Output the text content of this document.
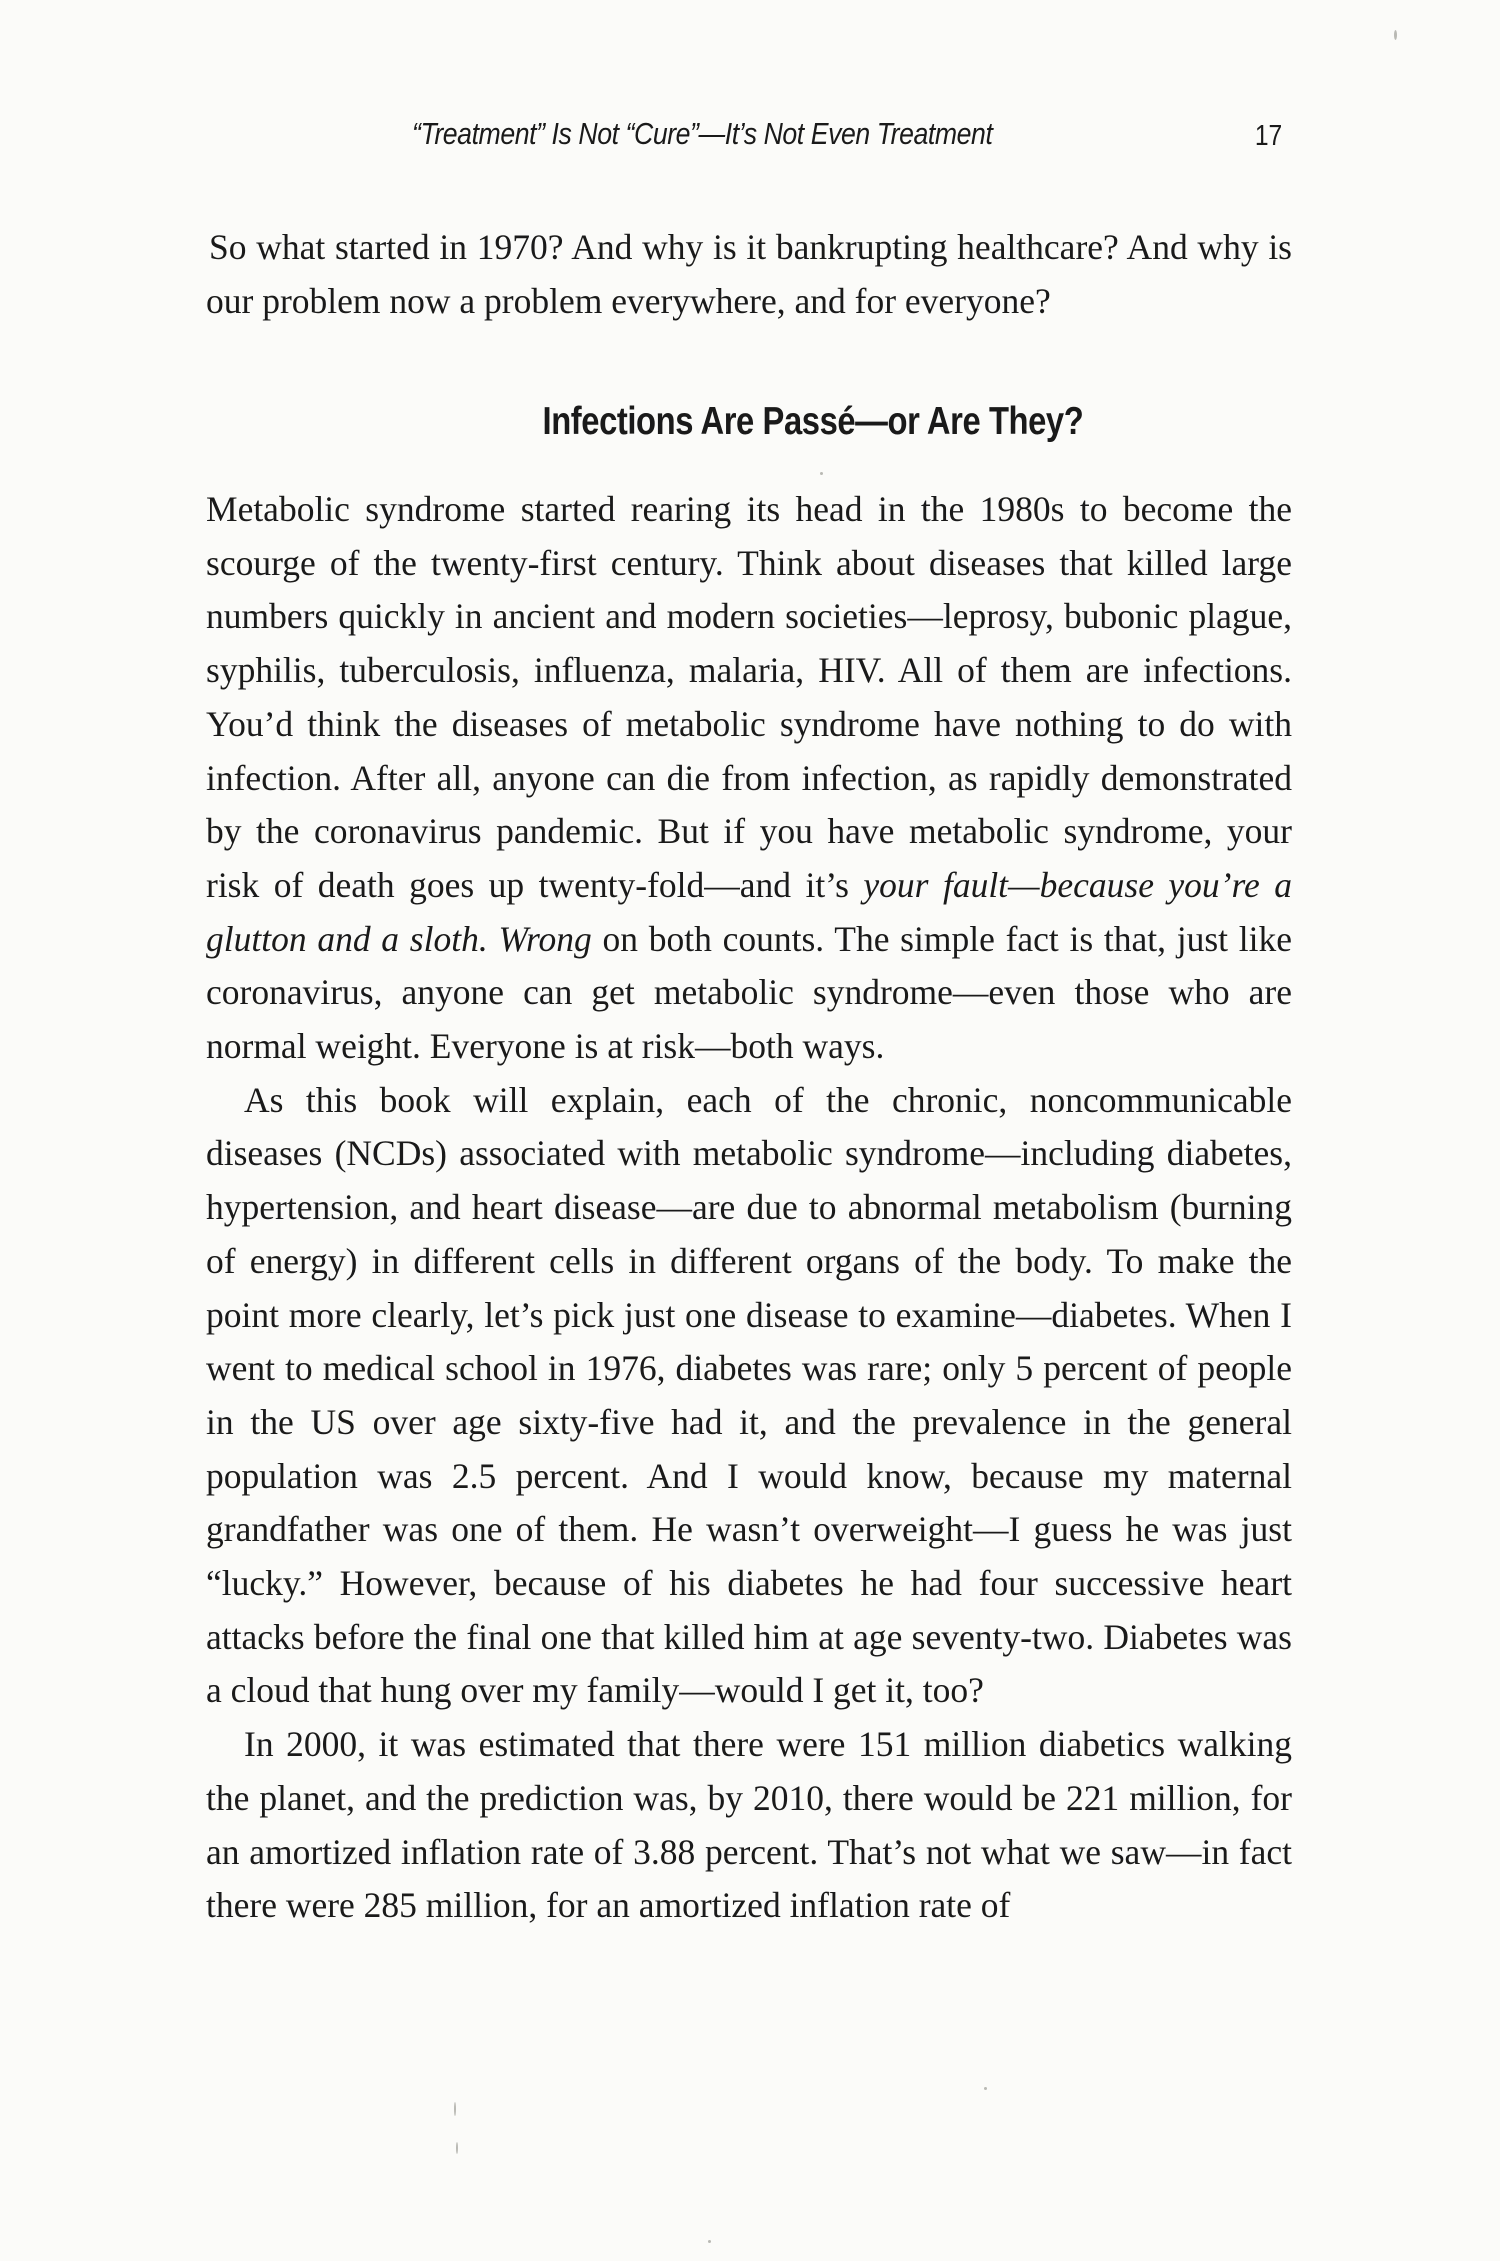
“Treatment” Is Not “Cure”—It’s Not Even Treatment	17

So what started in 1970? And why is it bankrupting healthcare? And why is our problem now a problem everywhere, and for everyone?

Infections Are Passé—or Are They?

Metabolic syndrome started rearing its head in the 1980s to become the scourge of the twenty-first century. Think about diseases that killed large numbers quickly in ancient and modern societies—leprosy, bubonic plague, syphilis, tuberculosis, influenza, malaria, HIV. All of them are infections. You’d think the diseases of metabolic syndrome have nothing to do with infection. After all, anyone can die from infection, as rapidly demonstrated by the coronavirus pandemic. But if you have metabolic syndrome, your risk of death goes up twenty-fold—and it’s your fault—because you’re a glutton and a sloth. Wrong on both counts. The simple fact is that, just like coronavirus, anyone can get metabolic syndrome—even those who are normal weight. Everyone is at risk—both ways.

As this book will explain, each of the chronic, noncommunicable diseases (NCDs) associated with metabolic syndrome—including diabetes, hypertension, and heart disease—are due to abnormal metabolism (burning of energy) in different cells in different organs of the body. To make the point more clearly, let’s pick just one disease to examine—diabetes. When I went to medical school in 1976, diabetes was rare; only 5 percent of people in the US over age sixty-five had it, and the prevalence in the general population was 2.5 percent. And I would know, because my maternal grandfather was one of them. He wasn’t overweight—I guess he was just “lucky.” However, because of his diabetes he had four successive heart attacks before the final one that killed him at age seventy-two. Diabetes was a cloud that hung over my family—would I get it, too?

In 2000, it was estimated that there were 151 million diabetics walking the planet, and the prediction was, by 2010, there would be 221 million, for an amortized inflation rate of 3.88 percent. That’s not what we saw—in fact there were 285 million, for an amortized inflation rate of
